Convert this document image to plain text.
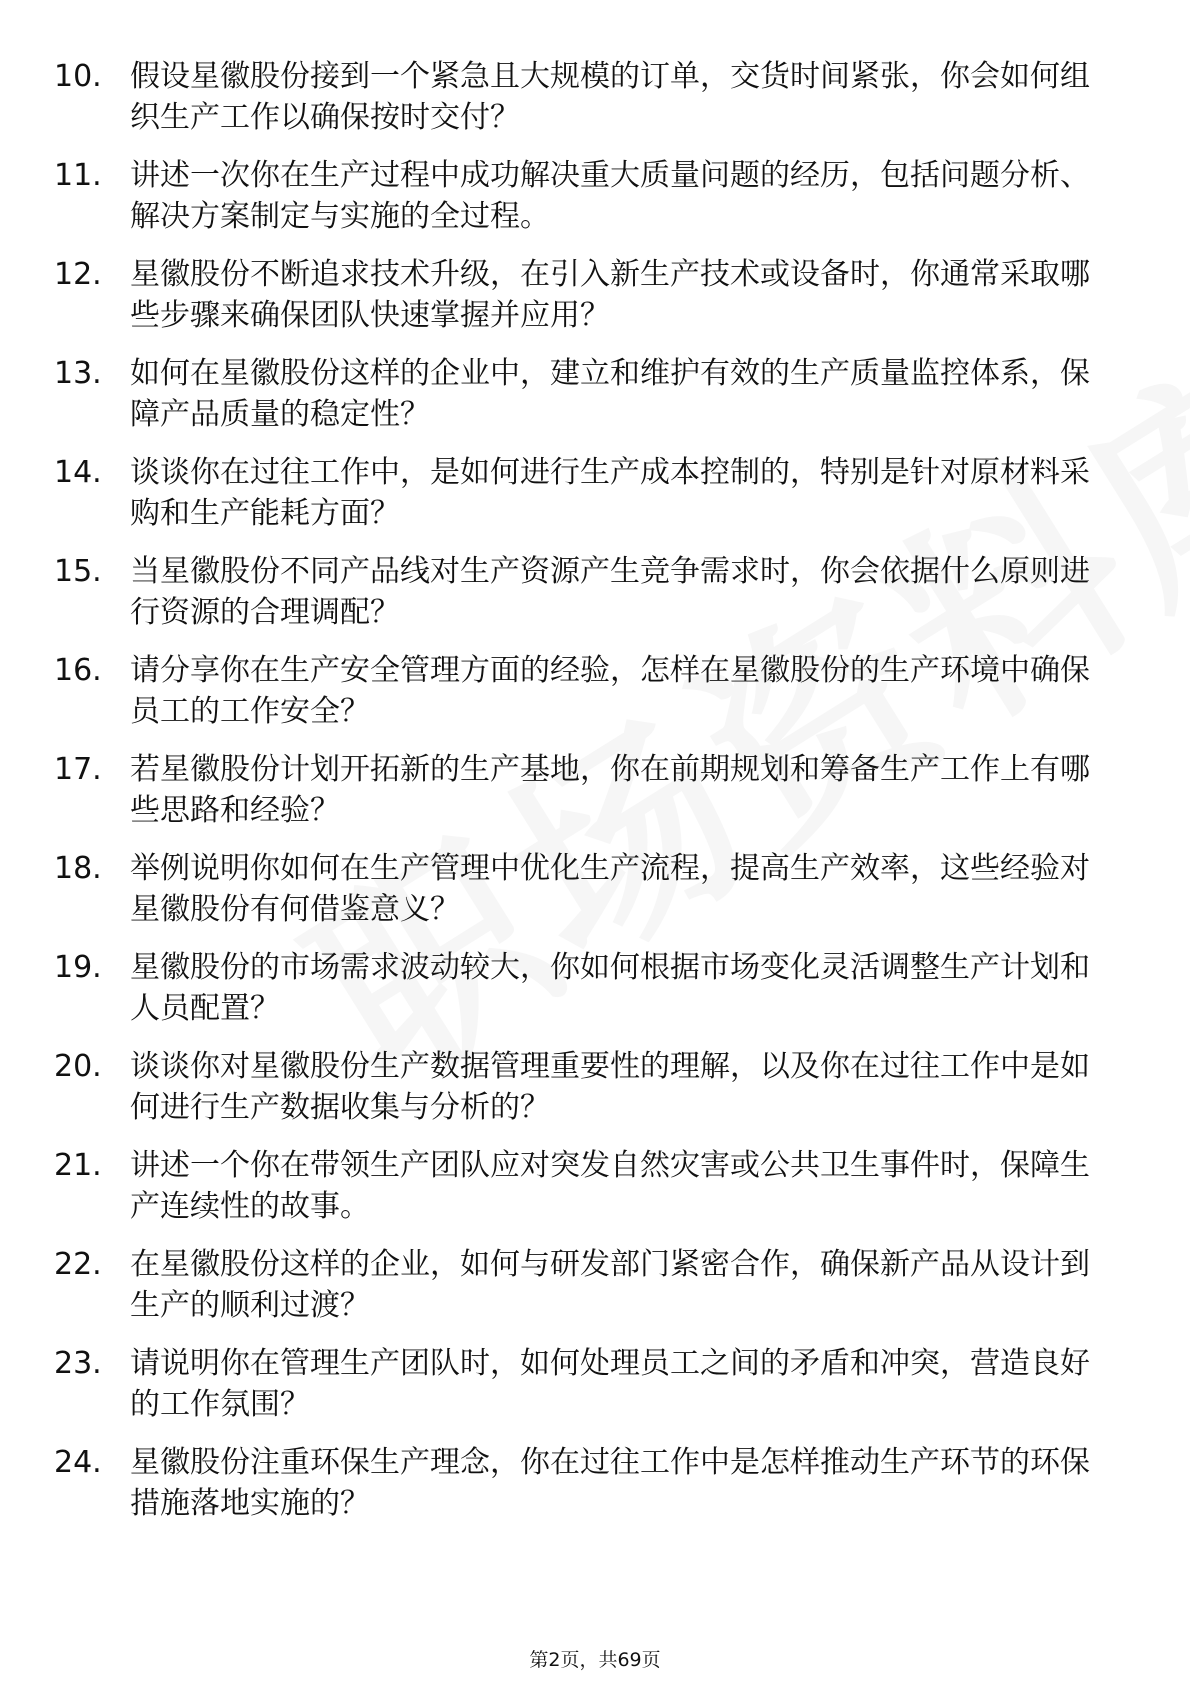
10. 假设星徽股份接到一个紧急且大规模的订单，交货时间紧张，你会如何组织生产工作以确保按时交付？
11. 讲述一次你在生产过程中成功解决重大质量问题的经历，包括问题分析、解决方案制定与实施的全过程。
12. 星徽股份不断追求技术升级，在引入新生产技术或设备时，你通常采取哪些步骤来确保团队快速掌握并应用？
13. 如何在星徽股份这样的企业中，建立和维护有效的生产质量监控体系，保障产品质量的稳定性？
14. 谈谈你在过往工作中，是如何进行生产成本控制的，特别是针对原材料采购和生产能耗方面？
15. 当星徽股份不同产品线对生产资源产生竞争需求时，你会依据什么原则进行资源的合理调配？
16. 请分享你在生产安全管理方面的经验，怎样在星徽股份的生产环境中确保员工的工作安全？
17. 若星徽股份计划开拓新的生产基地，你在前期规划和筹备生产工作上有哪些思路和经验？
18. 举例说明你如何在生产管理中优化生产流程，提高生产效率，这些经验对星徽股份有何借鉴意义？
19. 星徽股份的市场需求波动较大，你如何根据市场变化灵活调整生产计划和人员配置？
20. 谈谈你对星徽股份生产数据管理重要性的理解，以及你在过往工作中是如何进行生产数据收集与分析的？
21. 讲述一个你在带领生产团队应对突发自然灾害或公共卫生事件时，保障生产连续性的故事。
22. 在星徽股份这样的企业，如何与研发部门紧密合作，确保新产品从设计到生产的顺利过渡？
23. 请说明你在管理生产团队时，如何处理员工之间的矛盾和冲突，营造良好的工作氛围？
24. 星徽股份注重环保生产理念，你在过往工作中是怎样推动生产环节的环保措施落地实施的？
第2页，共69页
